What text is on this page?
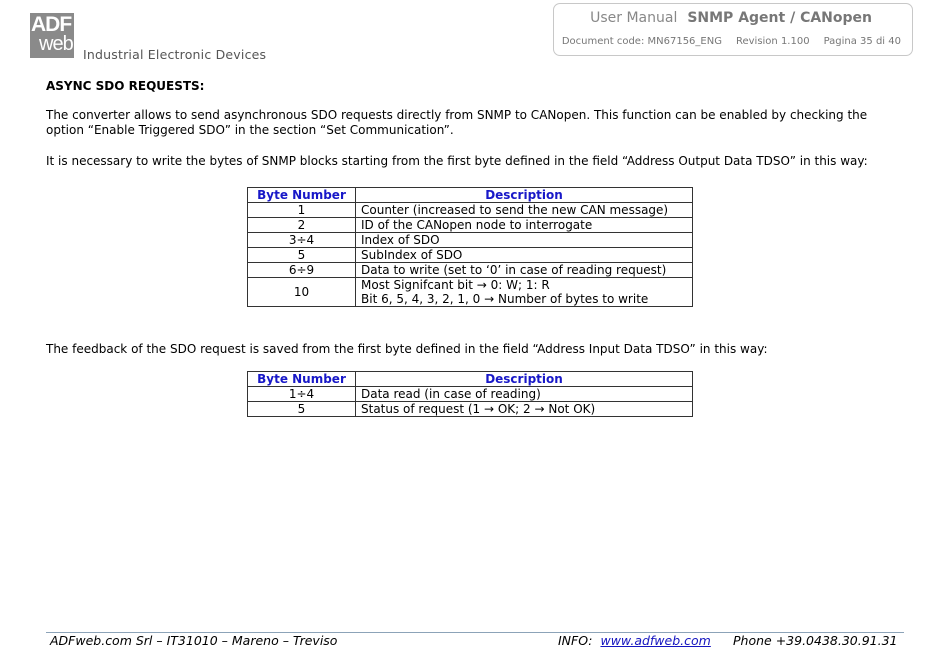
ADF
web Industrial Electronic Devices
User Manual SNMP Agent / CANopen
Document code: MN67156_ENG Revision 1.100 Pagina 35 di 40
ASYNC SDO REQUESTS:
The converter allows to send asynchronous SDO requests directly from SNMP to CANopen. This function can be enabled by checking the
option “Enable Triggered SDO” in the section “Set Communication”.
It is necessary to write the bytes of SNMP blocks starting from the first byte defined in the field “Address Output Data TDSO” in this way:
Byte Number	Description
1	Counter (increased to send the new CAN message)
2	ID of the CANopen node to interrogate
3÷4	Index of SDO
5	SubIndex of SDO
6÷9	Data to write (set to ‘0’ in case of reading request)
10	Most Signifcant bit → 0: W; 1: R
Bit 6, 5, 4, 3, 2, 1, 0 → Number of bytes to write
The feedback of the SDO request is saved from the first byte defined in the field “Address Input Data TDSO” in this way:
Byte Number	Description
1÷4	Data read (in case of reading)
5	Status of request (1 → OK; 2 → Not OK)
ADFweb.com Srl – IT31010 – Mareno – Treviso	INFO: www.adfweb.com Phone +39.0438.30.91.31
